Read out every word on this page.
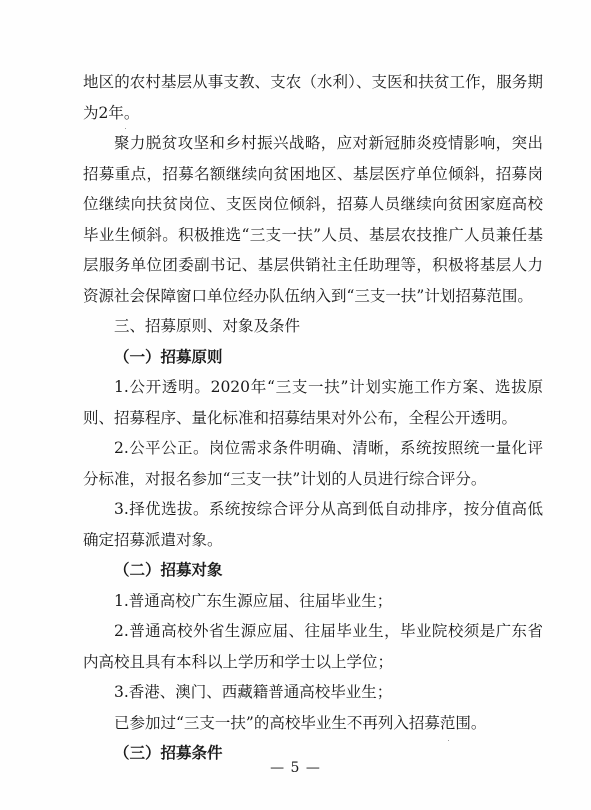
地区的农村基层从事支教、支农（水利）、支医和扶贫工作，服务期为2年。

聚力脱贫攻坚和乡村振兴战略，应对新冠肺炎疫情影响，突出招募重点，招募名额继续向贫困地区、基层医疗单位倾斜，招募岗位继续向扶贫岗位、支医岗位倾斜，招募人员继续向贫困家庭高校毕业生倾斜。积极推选“三支一扶”人员、基层农技推广人员兼任基层服务单位团委副书记、基层供销社主任助理等，积极将基层人力资源社会保障窗口单位经办队伍纳入到“三支一扶”计划招募范围。

三、招募原则、对象及条件

（一）招募原则

1.公开透明。2020年“三支一扶”计划实施工作方案、选拔原则、招募程序、量化标准和招募结果对外公布，全程公开透明。

2.公平公正。岗位需求条件明确、清晰，系统按照统一量化评分标准，对报名参加“三支一扶”计划的人员进行综合评分。

3.择优选拔。系统按综合评分从高到低自动排序，按分值高低确定招募派遣对象。

（二）招募对象

1.普通高校广东生源应届、往届毕业生；

2.普通高校外省生源应届、往届毕业生，毕业院校须是广东省内高校且具有本科以上学历和学士以上学位；

3.香港、澳门、西藏籍普通高校毕业生；

已参加过“三支一扶”的高校毕业生不再列入招募范围。

（三）招募条件

— 5 —
